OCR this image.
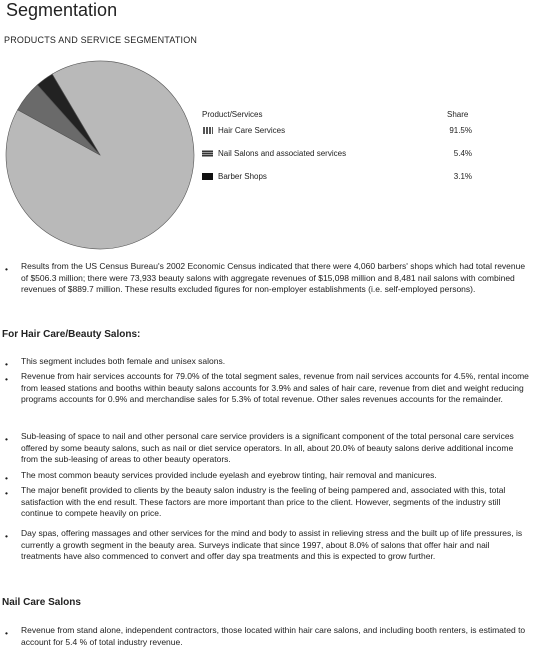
Segmentation
PRODUCTS AND SERVICE SEGMENTATION
Product/Services	Share
Hair Care Services	91.5%
Nail Salons and associated services	5.4%
Barber Shops	3.1%
• Results from the US Census Bureau's 2002 Economic Census indicated that there were 4,060 barbers' shops which had total revenue of $506.3 million; there were 73,933 beauty salons with aggregate revenues of $15,098 million and 8,481 nail salons with combined revenues of $889.7 million. These results excluded figures for non-employer establishments (i.e. self-employed persons).
For Hair Care/Beauty Salons:
• This segment includes both female and unisex salons.
• Revenue from hair services accounts for 79.0% of the total segment sales, revenue from nail services accounts for 4.5%, rental income from leased stations and booths within beauty salons accounts for 3.9% and sales of hair care, revenue from diet and weight reducing programs accounts for 0.9% and merchandise sales for 5.3% of total revenue. Other sales revenues accounts for the remainder.
• Sub-leasing of space to nail and other personal care service providers is a significant component of the total personal care services offered by some beauty salons, such as nail or diet service operators. In all, about 20.0% of beauty salons derive additional income from the sub-leasing of areas to other beauty operators.
• The most common beauty services provided include eyelash and eyebrow tinting, hair removal and manicures.
• The major benefit provided to clients by the beauty salon industry is the feeling of being pampered and, associated with this, total satisfaction with the end result. These factors are more important than price to the client. However, segments of the industry still continue to compete heavily on price.
• Day spas, offering massages and other services for the mind and body to assist in relieving stress and the built up of life pressures, is currently a growth segment in the beauty area. Surveys indicate that since 1997, about 8.0% of salons that offer hair and nail treatments have also commenced to convert and offer day spa treatments and this is expected to grow further.
Nail Care Salons
• Revenue from stand alone, independent contractors, those located within hair care salons, and including booth renters, is estimated to account for 5.4 % of total industry revenue.
